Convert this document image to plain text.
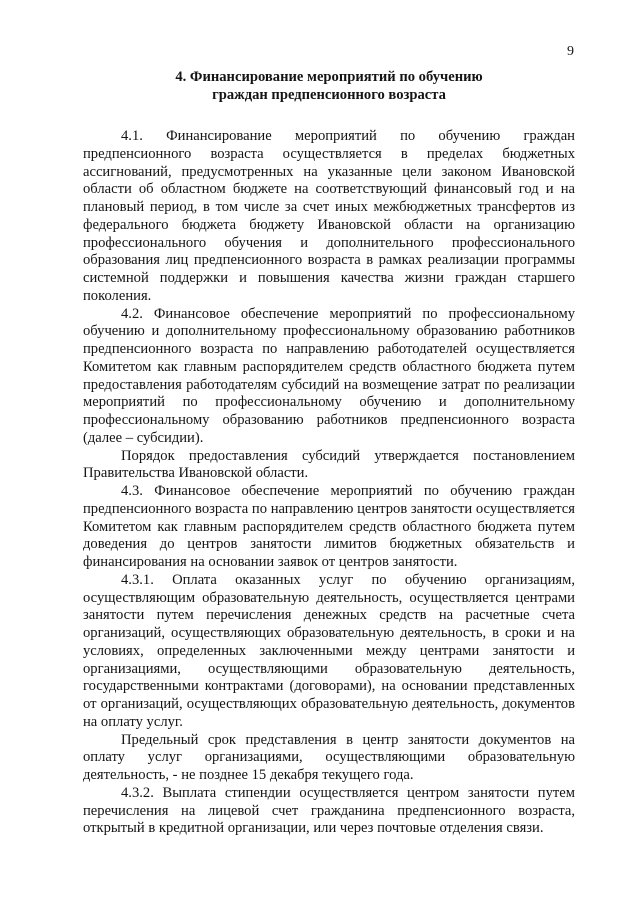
9
4. Финансирование мероприятий по обучению
граждан предпенсионного возраста

4.1. Финансирование мероприятий по обучению граждан предпенсионного возраста осуществляется в пределах бюджетных ассигнований, предусмотренных на указанные цели законом Ивановской области об областном бюджете на соответствующий финансовый год и на плановый период, в том числе за счет иных межбюджетных трансфертов из федерального бюджета бюджету Ивановской области на организацию профессионального обучения и дополнительного профессионального образования лиц предпенсионного возраста в рамках реализации программы системной поддержки и повышения качества жизни граждан старшего поколения.

4.2. Финансовое обеспечение мероприятий по профессиональному обучению и дополнительному профессиональному образованию работников предпенсионного возраста по направлению работодателей осуществляется Комитетом как главным распорядителем средств областного бюджета путем предоставления работодателям субсидий на возмещение затрат по реализации мероприятий по профессиональному обучению и дополнительному профессиональному образованию работников предпенсионного возраста (далее – субсидии).

Порядок предоставления субсидий утверждается постановлением Правительства Ивановской области.

4.3. Финансовое обеспечение мероприятий по обучению граждан предпенсионного возраста по направлению центров занятости осуществляется Комитетом как главным распорядителем средств областного бюджета путем доведения до центров занятости лимитов бюджетных обязательств и финансирования на основании заявок от центров занятости.

4.3.1. Оплата оказанных услуг по обучению организациям, осуществляющим образовательную деятельность, осуществляется центрами занятости путем перечисления денежных средств на расчетные счета организаций, осуществляющих образовательную деятельность, в сроки и на условиях, определенных заключенными между центрами занятости и организациями, осуществляющими образовательную деятельность, государственными контрактами (договорами), на основании представленных от организаций, осуществляющих образовательную деятельность, документов на оплату услуг.

Предельный срок представления в центр занятости документов на оплату услуг организациями, осуществляющими образовательную деятельность, - не позднее 15 декабря текущего года.

4.3.2. Выплата стипендии осуществляется центром занятости путем перечисления на лицевой счет гражданина предпенсионного возраста, открытый в кредитной организации, или через почтовые отделения связи.
